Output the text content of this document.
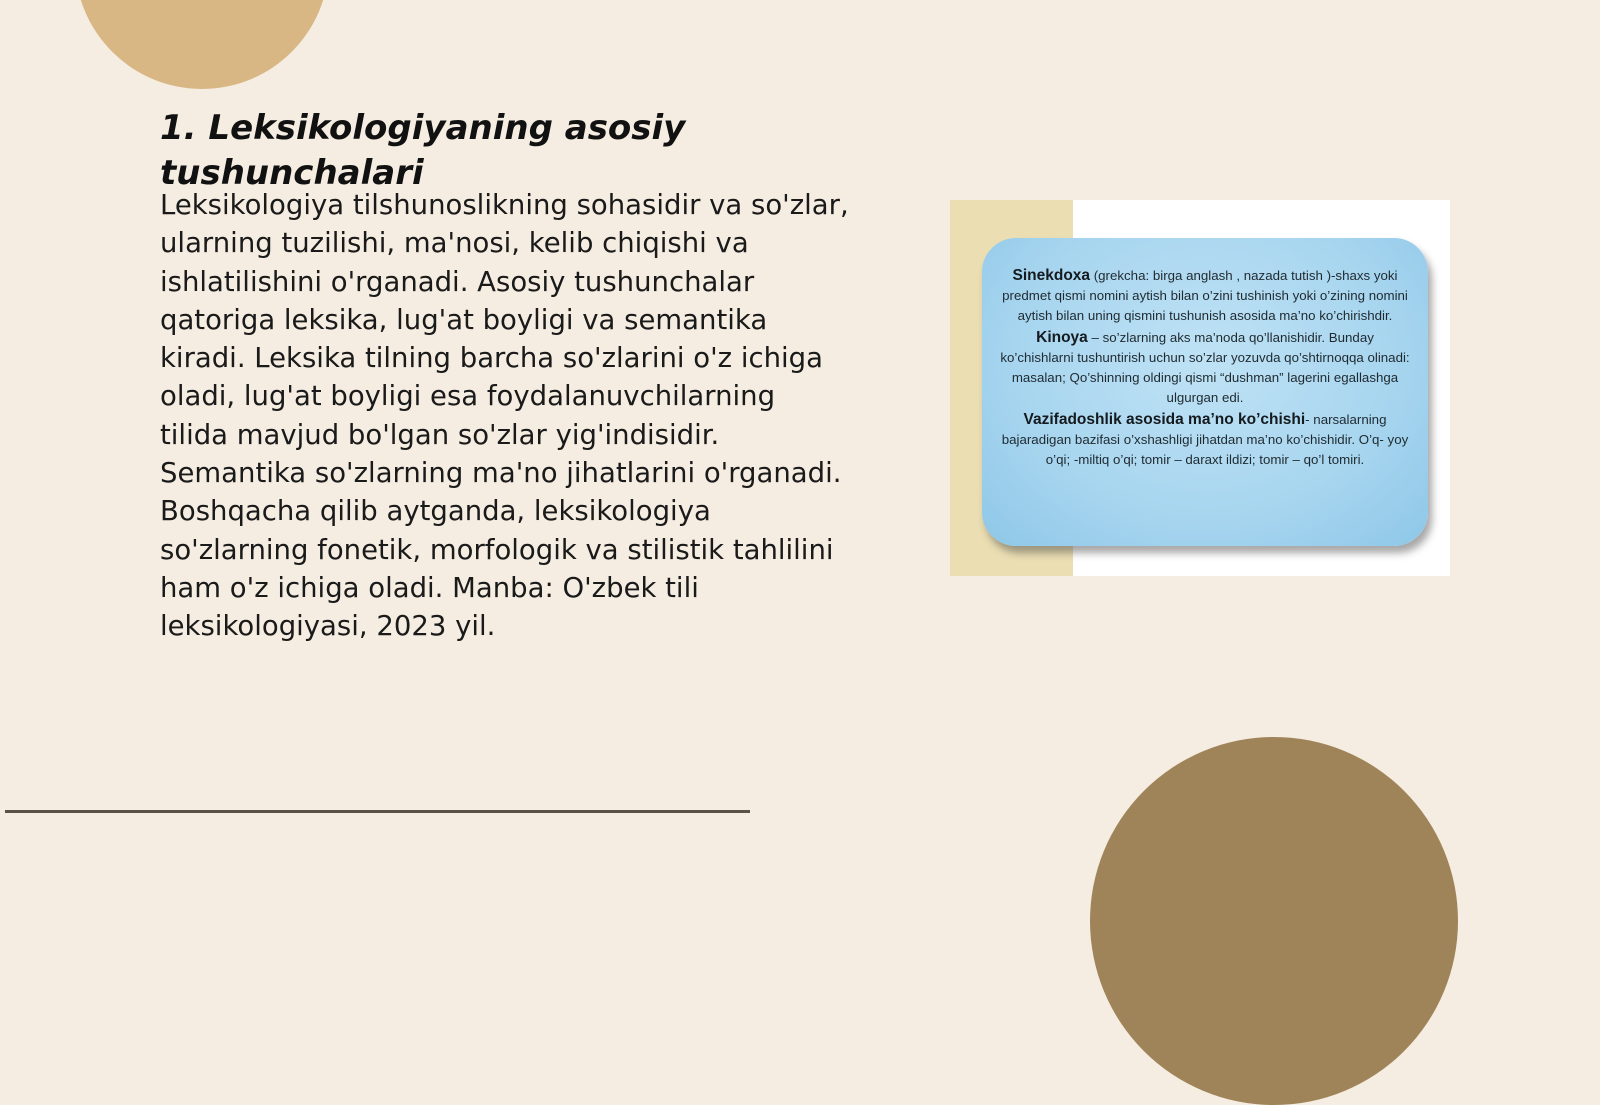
1. Leksikologiyaning asosiy tushunchalari

Leksikologiya tilshunoslikning sohasidir va so'zlar, ularning tuzilishi, ma'nosi, kelib chiqishi va ishlatilishini o'rganadi. Asosiy tushunchalar qatoriga leksika, lug'at boyligi va semantika kiradi. Leksika tilning barcha so'zlarini o'z ichiga oladi, lug'at boyligi esa foydalanuvchilarning tilida mavjud bo'lgan so'zlar yig'indisidir. Semantika so'zlarning ma'no jihatlarini o'rganadi. Boshqacha qilib aytganda, leksikologiya so'zlarning fonetik, morfologik va stilistik tahlilini ham o'z ichiga oladi. Manba: O'zbek tili leksikologiyasi, 2023 yil.

Sinekdoxa (grekcha: birga anglash , nazada tutish )-shaxs yoki predmet qismi nomini aytish bilan o’zini tushinish yoki o’zining nomini aytish bilan uning qismini tushunish asosida ma’no ko’chirishdir.

Kinoya – so’zlarning aks ma’noda qo’llanishidir. Bunday ko’chishlarni tushuntirish uchun so’zlar yozuvda qo’shtirnoqqa olinadi: masalan; Qo’shinning oldingi qismi “dushman” lagerini egallashga ulgurgan edi.

Vazifadoshlik asosida ma’no ko’chishi- narsalarning bajaradigan bazifasi o’xshashligi jihatdan ma’no ko’chishidir. O’q- yoy o’qi; -miltiq o’qi; tomir – daraxt ildizi; tomir – qo’l tomiri.
